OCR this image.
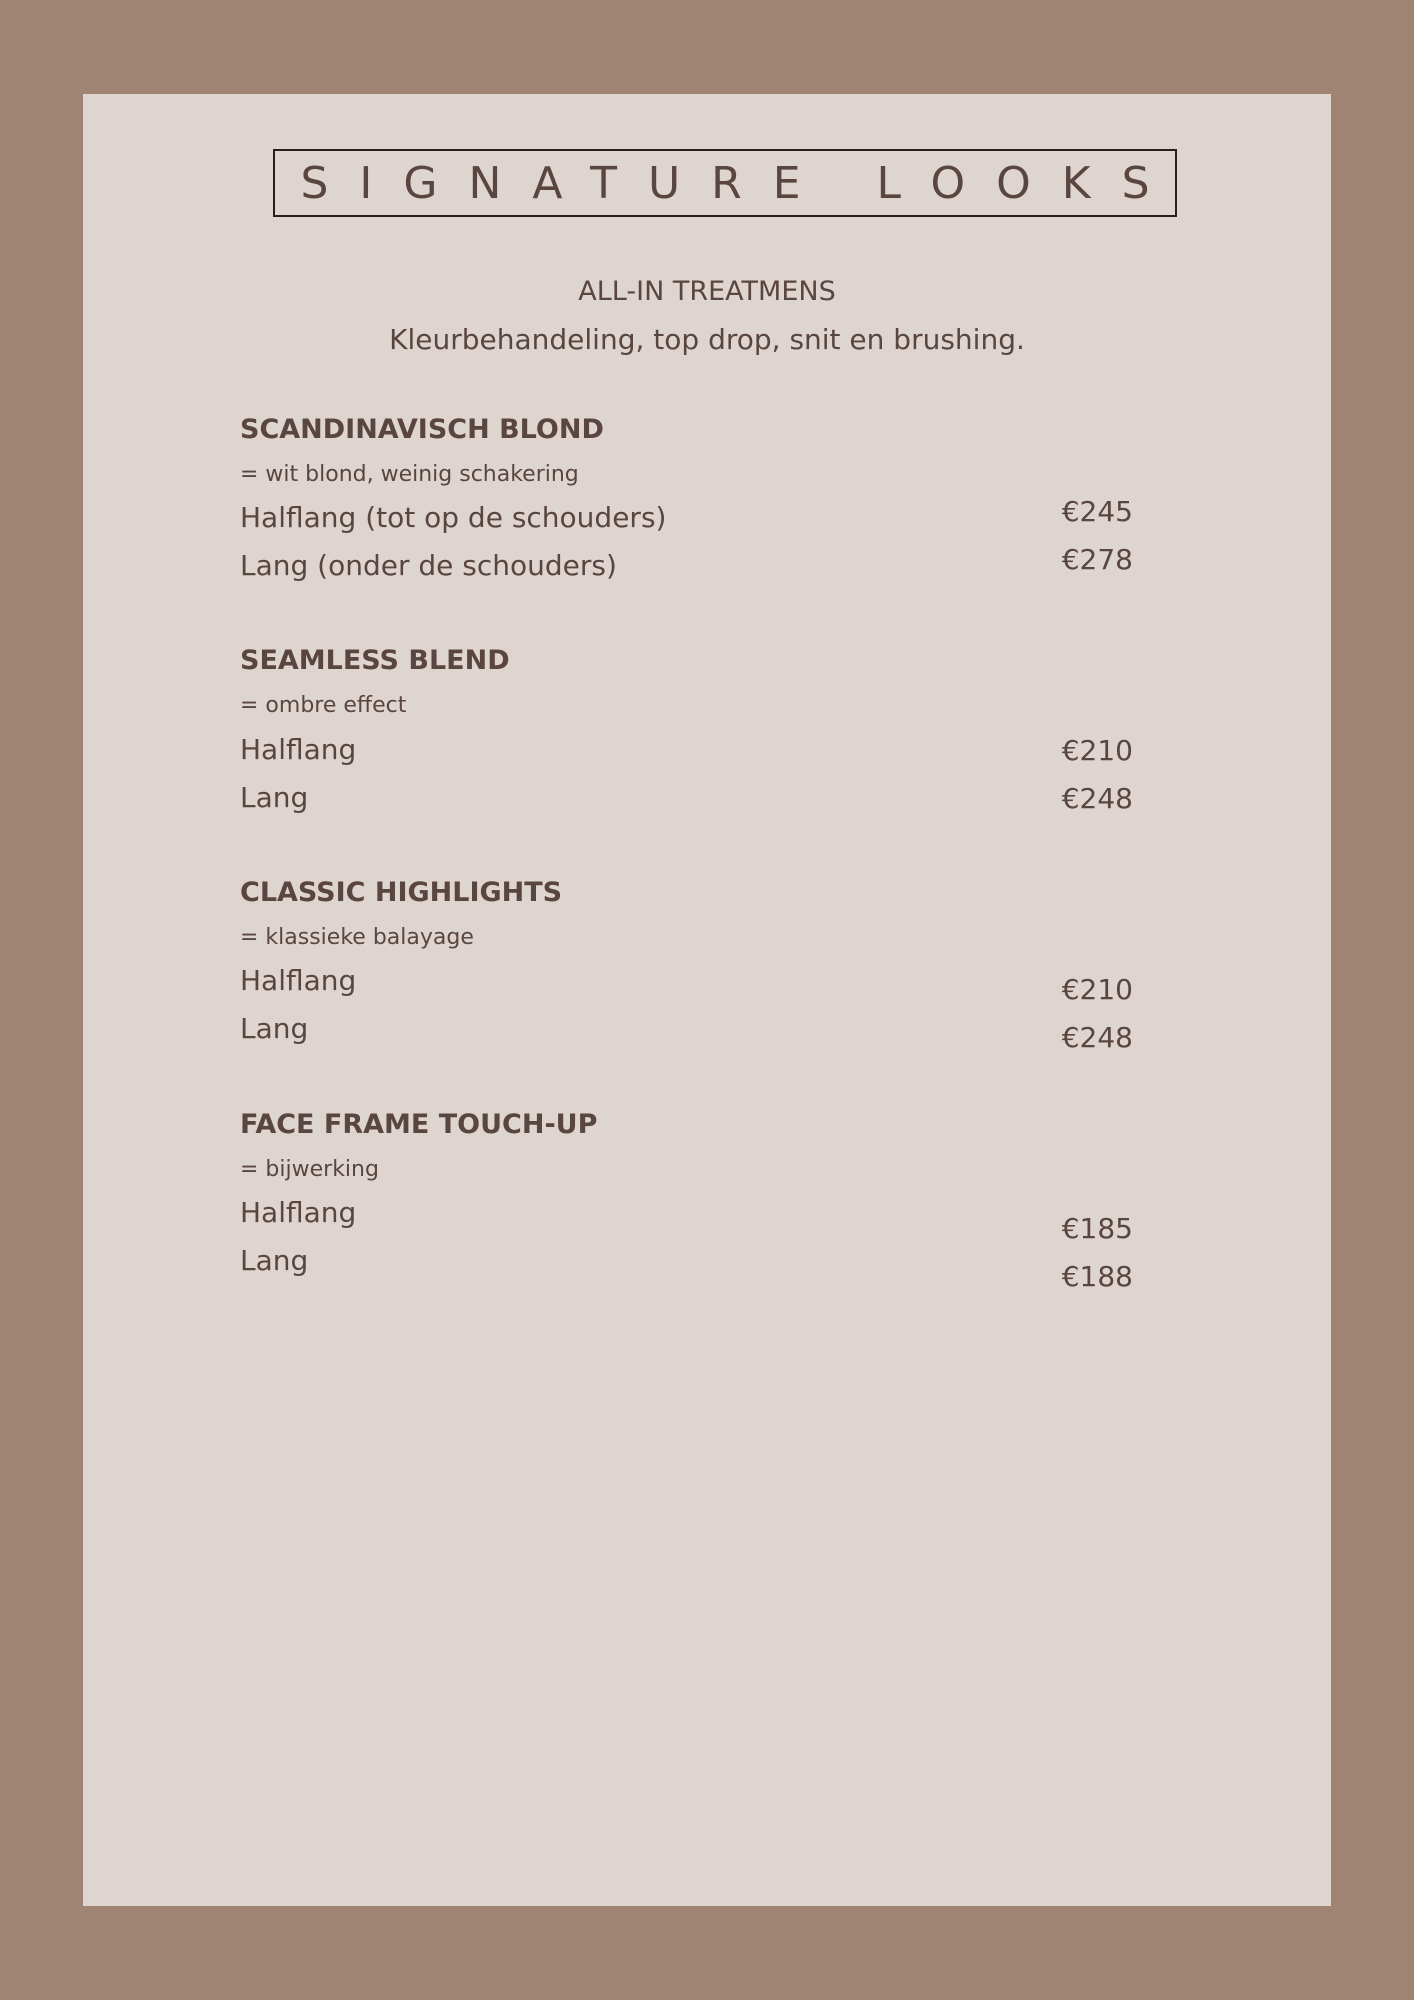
SIGNATURE LOOKS
ALL-IN TREATMENS
Kleurbehandeling, top drop, snit en brushing.
SCANDINAVISCH BLOND
= wit blond, weinig schakering
Halflang (tot op de schouders)	€245
Lang (onder de schouders)	€278
SEAMLESS BLEND
= ombre effect
Halflang	€210
Lang	€248
CLASSIC HIGHLIGHTS
= klassieke balayage
Halflang	€210
Lang	€248
FACE FRAME TOUCH-UP
= bijwerking
Halflang	€185
Lang	€188
